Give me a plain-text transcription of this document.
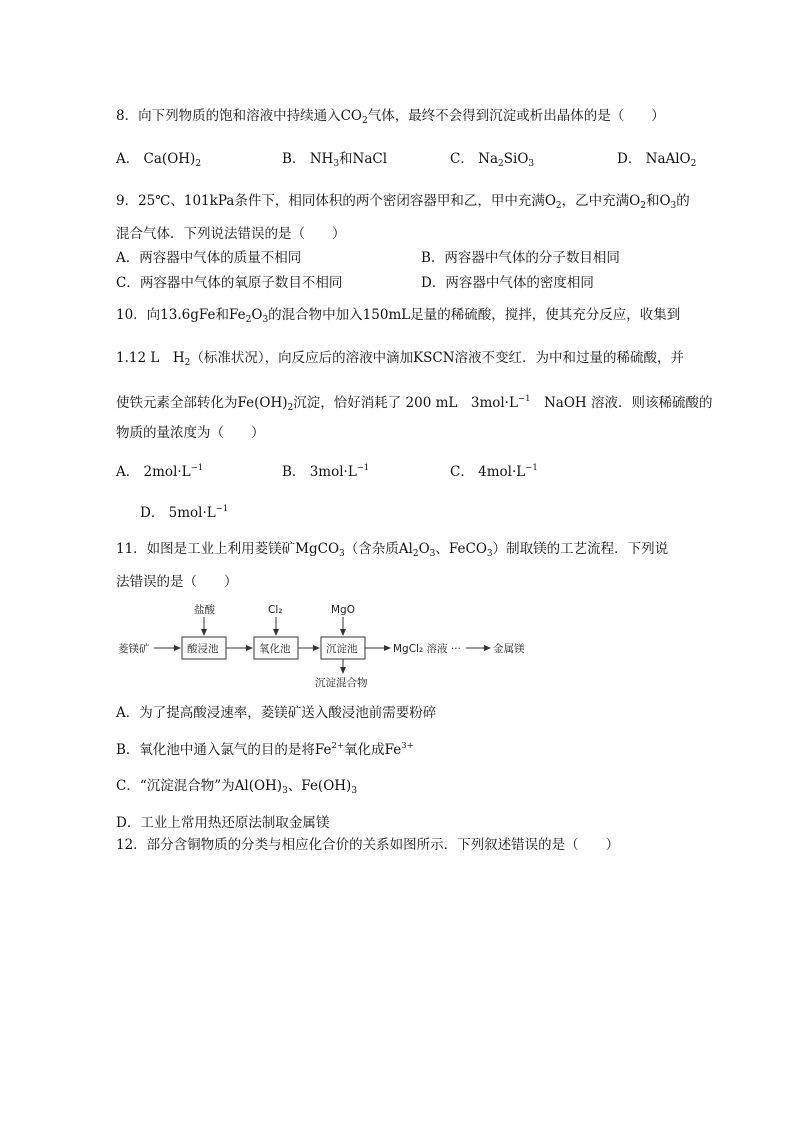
8．向下列物质的饱和溶液中持续通入$CO_2$气体，最终不会得到沉淀或析出晶体的是（　　）
A． $Ca(OH)_2$	B． $NH_3$和NaCl	C． $Na_2SiO_3$	D． NaAlO$_2$
9．25℃、101kPa条件下，相同体积的两个密闭容器甲和乙，甲中充满$O_2$，乙中充满$O_2$和$O_3$的
混合气体．下列说法错误的是（　　）
A．两容器中气体的质量不相同	B．两容器中气体的分子数目相同
C．两容器中气体的氧原子数目不相同	D．两容器中气体的密度相同
10．向13.6gFe和$Fe_2O_3$的混合物中加入150mL足量的稀硫酸，搅拌，使其充分反应，收集到
1.12 L　$H_2$（标准状况），向反应后的溶液中滴加KSCN溶液不变红．为中和过量的稀硫酸，并
使铁元素全部转化为$Fe(OH)_2$沉淀，恰好消耗了 200 mL　$3mol\cdot L^{-1}$　NaOH 溶液．则该稀硫酸的
物质的量浓度为（　　）
A． $2mol\cdot L^{-1}$	B． $3mol\cdot L^{-1}$	C． $4mol\cdot L^{-1}$
D． $5mol\cdot L^{-1}$
11．如图是工业上利用菱镁矿MgCO$_3$（含杂质$Al_2O_3$、FeCO$_3$）制取镁的工艺流程．下列说
法错误的是（　　）
菱镁矿	酸浸池	氧化池	沉淀池	MgCl₂ 溶液 ···	金属镁
盐酸	Cl₂	MgO
沉淀混合物
A．为了提高酸浸速率，菱镁矿送入酸浸池前需要粉碎
B．氧化池中通入氯气的目的是将$Fe^{2+}$氧化成$Fe^{3+}$
C．“沉淀混合物”为$Al(OH)_3$、$Fe(OH)_3$
D．工业上常用热还原法制取金属镁
12．部分含铜物质的分类与相应化合价的关系如图所示．下列叙述错误的是（　　）
